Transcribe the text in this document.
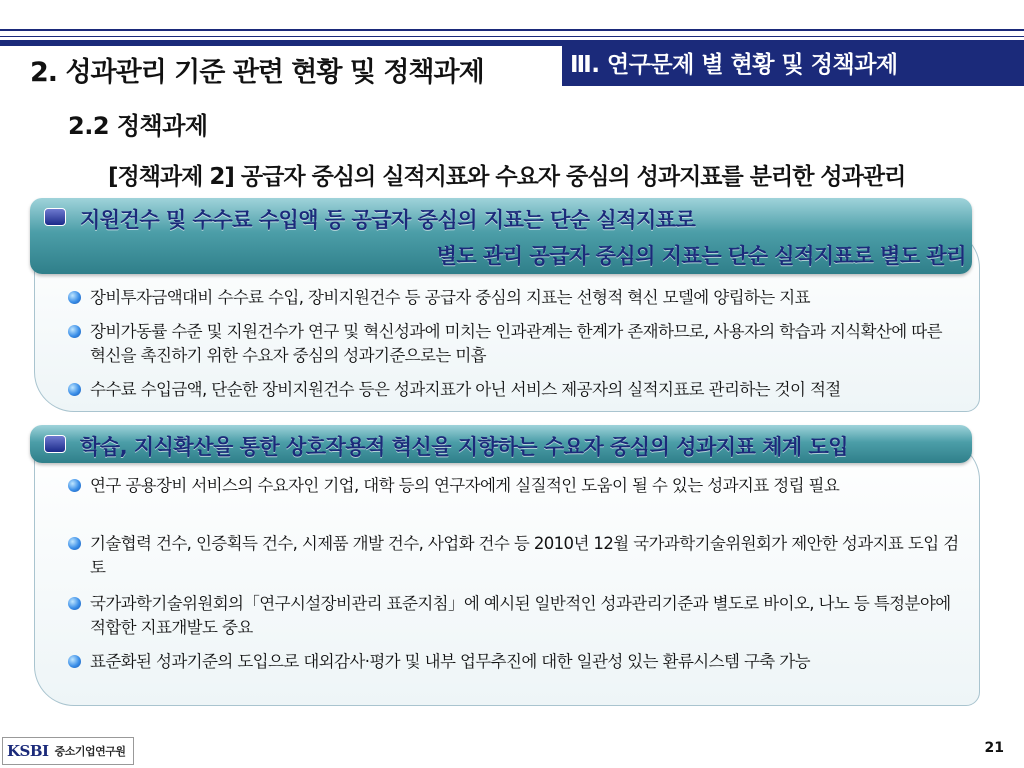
Ⅲ. 연구문제 별 현황 및 정책과제
2. 성과관리 기준 관련 현황 및 정책과제
2.2 정책과제
[정책과제 2] 공급자 중심의 실적지표와 수요자 중심의 성과지표를 분리한 성과관리
지원건수 및 수수료 수입액 등 공급자 중심의 지표는 단순 실적지표로
별도 관리 공급자 중심의 지표는 단순 실적지표로 별도 관리
장비투자금액대비 수수료 수입, 장비지원건수 등 공급자 중심의 지표는 선형적 혁신 모델에 양립하는 지표
장비가동률 수준 및 지원건수가 연구 및 혁신성과에 미치는 인과관계는 한계가 존재하므로, 사용자의 학습과 지식확산에 따른 혁신을 촉진하기 위한 수요자 중심의 성과기준으로는 미흡
수수료 수입금액, 단순한 장비지원건수 등은 성과지표가 아닌 서비스 제공자의 실적지표로 관리하는 것이 적절
학습, 지식확산을 통한 상호작용적 혁신을 지향하는 수요자 중심의 성과지표 체계 도입
연구 공용장비 서비스의 수요자인 기업, 대학 등의 연구자에게 실질적인 도움이 될 수 있는 성과지표 정립 필요
기술협력 건수, 인증획득 건수, 시제품 개발 건수, 사업화 건수 등 2010년 12월 국가과학기술위원회가 제안한 성과지표 도입 검토
국가과학기술위원회의「연구시설장비관리 표준지침」에 예시된 일반적인 성과관리기준과 별도로 바이오, 나노 등 특정분야에 적합한 지표개발도 중요
표준화된 성과기준의 도입으로 대외감사·평가 및 내부 업무추진에 대한 일관성 있는 환류시스템 구축 가능
KSBI 중소기업연구원	21
